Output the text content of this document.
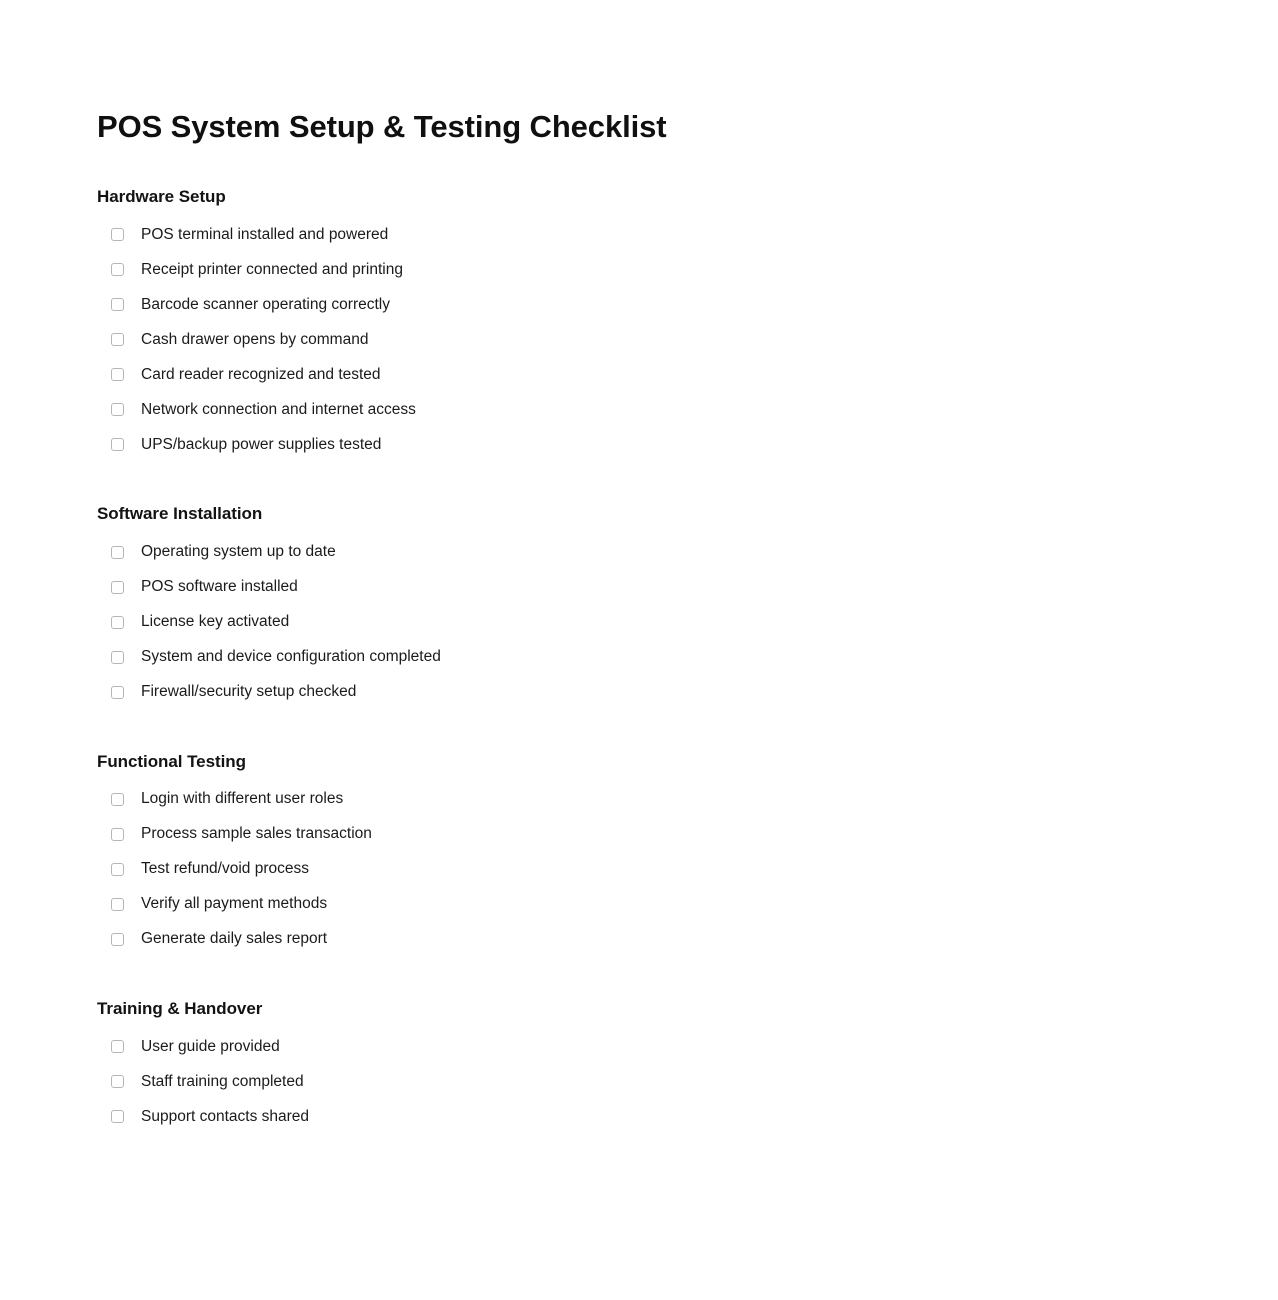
POS System Setup & Testing Checklist
Hardware Setup
POS terminal installed and powered
Receipt printer connected and printing
Barcode scanner operating correctly
Cash drawer opens by command
Card reader recognized and tested
Network connection and internet access
UPS/backup power supplies tested
Software Installation
Operating system up to date
POS software installed
License key activated
System and device configuration completed
Firewall/security setup checked
Functional Testing
Login with different user roles
Process sample sales transaction
Test refund/void process
Verify all payment methods
Generate daily sales report
Training & Handover
User guide provided
Staff training completed
Support contacts shared
